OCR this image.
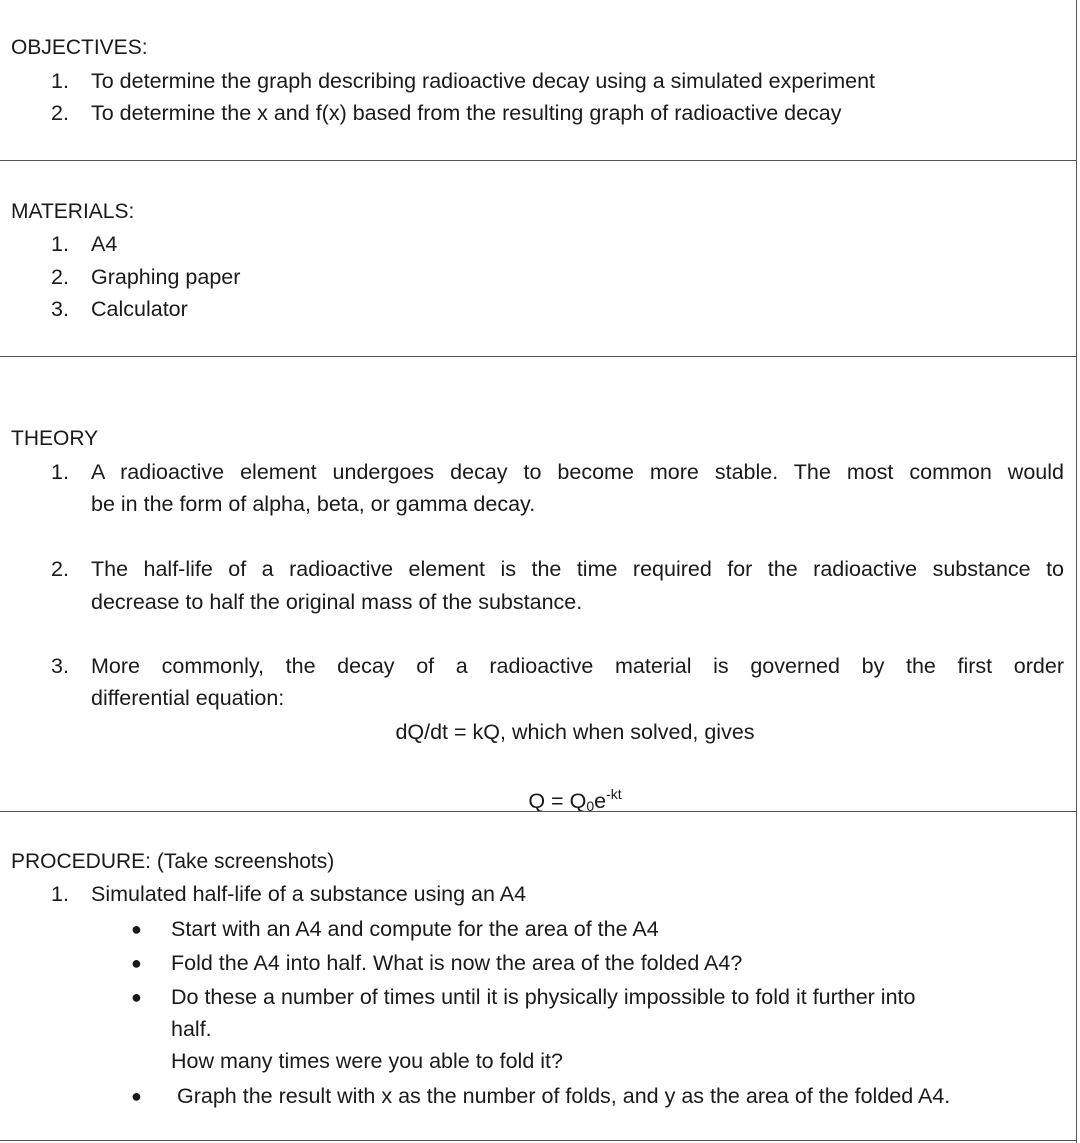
OBJECTIVES:
1. To determine the graph describing radioactive decay using a simulated experiment
2. To determine the x and f(x) based from the resulting graph of radioactive decay
MATERIALS:
1. A4
2. Graphing paper
3. Calculator
THEORY
1. A radioactive element undergoes decay to become more stable. The most common would
be in the form of alpha, beta, or gamma decay.
2. The half-life of a radioactive element is the time required for the radioactive substance to
decrease to half the original mass of the substance.
3. More commonly, the decay of a radioactive material is governed by the first order
differential equation:
dQ/dt = kQ, which when solved, gives
$Q = Q_0e^{-kt}$
PROCEDURE: (Take screenshots)
1. Simulated half-life of a substance using an A4
● Start with an A4 and compute for the area of the A4
● Fold the A4 into half. What is now the area of the folded A4?
● Do these a number of times until it is physically impossible to fold it further into
half.
How many times were you able to fold it?
● Graph the result with x as the number of folds, and y as the area of the folded A4.
